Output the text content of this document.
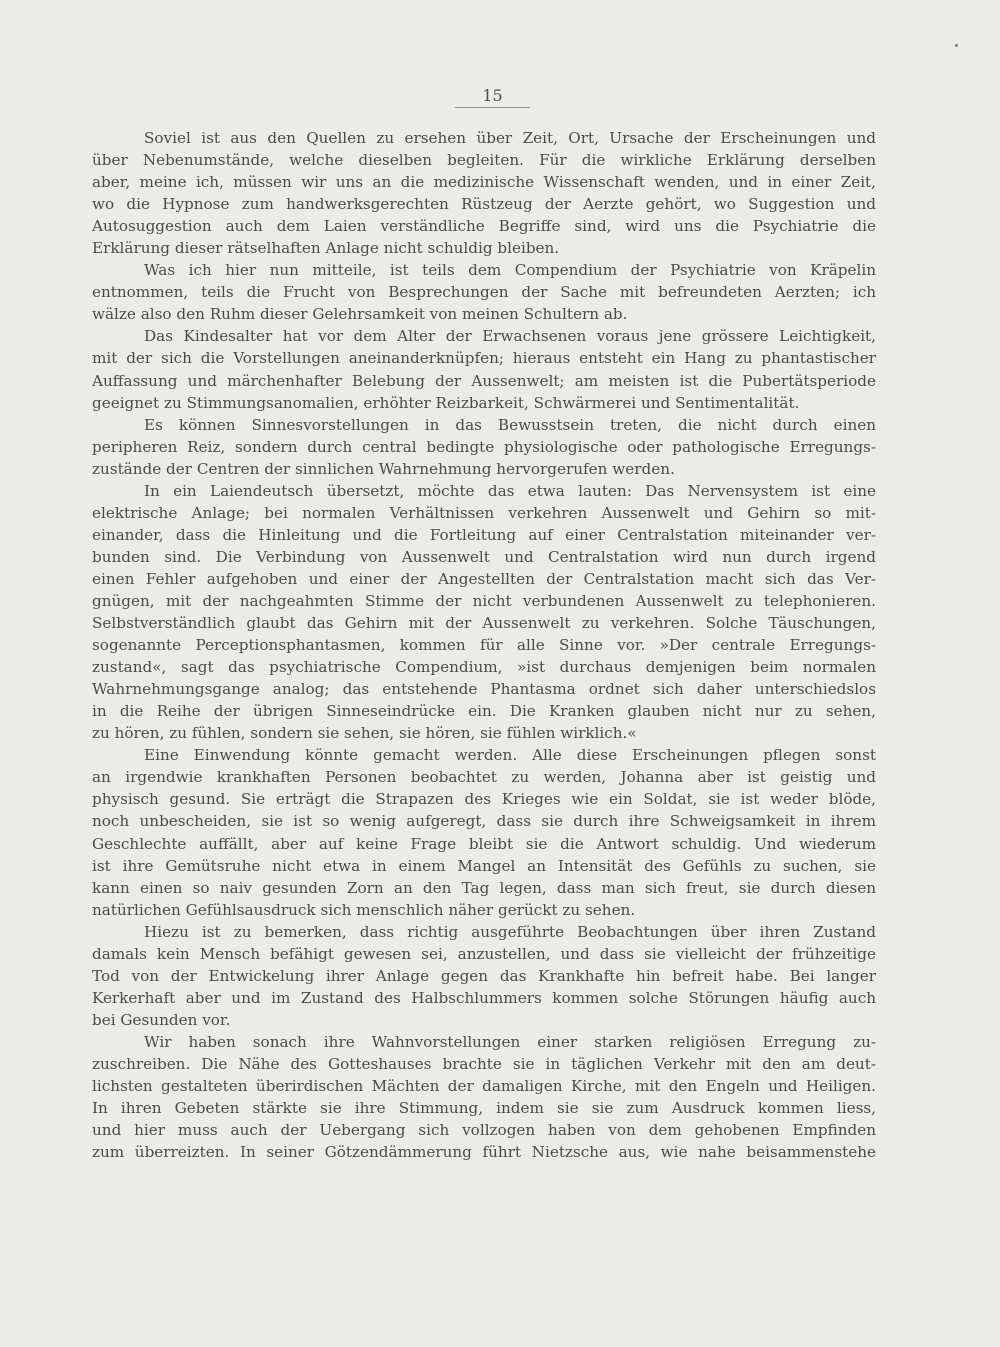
15
Soviel ist aus den Quellen zu ersehen über Zeit, Ort, Ursache der Erscheinungen und
über Nebenumstände, welche dieselben begleiten. Für die wirkliche Erklärung derselben
aber, meine ich, müssen wir uns an die medizinische Wissenschaft wenden, und in einer Zeit,
wo die Hypnose zum handwerksgerechten Rüstzeug der Aerzte gehört, wo Suggestion und
Autosuggestion auch dem Laien verständliche Begriffe sind, wird uns die Psychiatrie die
Erklärung dieser rätselhaften Anlage nicht schuldig bleiben.
Was ich hier nun mitteile, ist teils dem Compendium der Psychiatrie von Kräpelin
entnommen, teils die Frucht von Besprechungen der Sache mit befreundeten Aerzten; ich
wälze also den Ruhm dieser Gelehrsamkeit von meinen Schultern ab.
Das Kindesalter hat vor dem Alter der Erwachsenen voraus jene grössere Leichtigkeit,
mit der sich die Vorstellungen aneinanderknüpfen; hieraus entsteht ein Hang zu phantastischer
Auffassung und märchenhafter Belebung der Aussenwelt; am meisten ist die Pubertätsperiode
geeignet zu Stimmungsanomalien, erhöhter Reizbarkeit, Schwärmerei und Sentimentalität.
Es können Sinnesvorstellungen in das Bewusstsein treten, die nicht durch einen
peripheren Reiz, sondern durch central bedingte physiologische oder pathologische Erregungs-
zustände der Centren der sinnlichen Wahrnehmung hervorgerufen werden.
In ein Laiendeutsch übersetzt, möchte das etwa lauten: Das Nervensystem ist eine
elektrische Anlage; bei normalen Verhältnissen verkehren Aussenwelt und Gehirn so mit-
einander, dass die Hinleitung und die Fortleitung auf einer Centralstation miteinander ver-
bunden sind. Die Verbindung von Aussenwelt und Centralstation wird nun durch irgend
einen Fehler aufgehoben und einer der Angestellten der Centralstation macht sich das Ver-
gnügen, mit der nachgeahmten Stimme der nicht verbundenen Aussenwelt zu telephonieren.
Selbstverständlich glaubt das Gehirn mit der Aussenwelt zu verkehren. Solche Täuschungen,
sogenannte Perceptionsphantasmen, kommen für alle Sinne vor. »Der centrale Erregungs-
zustand«, sagt das psychiatrische Compendium, »ist durchaus demjenigen beim normalen
Wahrnehmungsgange analog; das entstehende Phantasma ordnet sich daher unterschiedslos
in die Reihe der übrigen Sinneseindrücke ein. Die Kranken glauben nicht nur zu sehen,
zu hören, zu fühlen, sondern sie sehen, sie hören, sie fühlen wirklich.«
Eine Einwendung könnte gemacht werden. Alle diese Erscheinungen pflegen sonst
an irgendwie krankhaften Personen beobachtet zu werden, Johanna aber ist geistig und
physisch gesund. Sie erträgt die Strapazen des Krieges wie ein Soldat, sie ist weder blöde,
noch unbescheiden, sie ist so wenig aufgeregt, dass sie durch ihre Schweigsamkeit in ihrem
Geschlechte auffällt, aber auf keine Frage bleibt sie die Antwort schuldig. Und wiederum
ist ihre Gemütsruhe nicht etwa in einem Mangel an Intensität des Gefühls zu suchen, sie
kann einen so naiv gesunden Zorn an den Tag legen, dass man sich freut, sie durch diesen
natürlichen Gefühlsausdruck sich menschlich näher gerückt zu sehen.
Hiezu ist zu bemerken, dass richtig ausgeführte Beobachtungen über ihren Zustand
damals kein Mensch befähigt gewesen sei, anzustellen, und dass sie vielleicht der frühzeitige
Tod von der Entwickelung ihrer Anlage gegen das Krankhafte hin befreit habe. Bei langer
Kerkerhaft aber und im Zustand des Halbschlummers kommen solche Störungen häufig auch
bei Gesunden vor.
Wir haben sonach ihre Wahnvorstellungen einer starken religiösen Erregung zu-
zuschreiben. Die Nähe des Gotteshauses brachte sie in täglichen Verkehr mit den am deut-
lichsten gestalteten überirdischen Mächten der damaligen Kirche, mit den Engeln und Heiligen.
In ihren Gebeten stärkte sie ihre Stimmung, indem sie sie zum Ausdruck kommen liess,
und hier muss auch der Uebergang sich vollzogen haben von dem gehobenen Empfinden
zum überreizten. In seiner Götzendämmerung führt Nietzsche aus, wie nahe beisammenstehe
